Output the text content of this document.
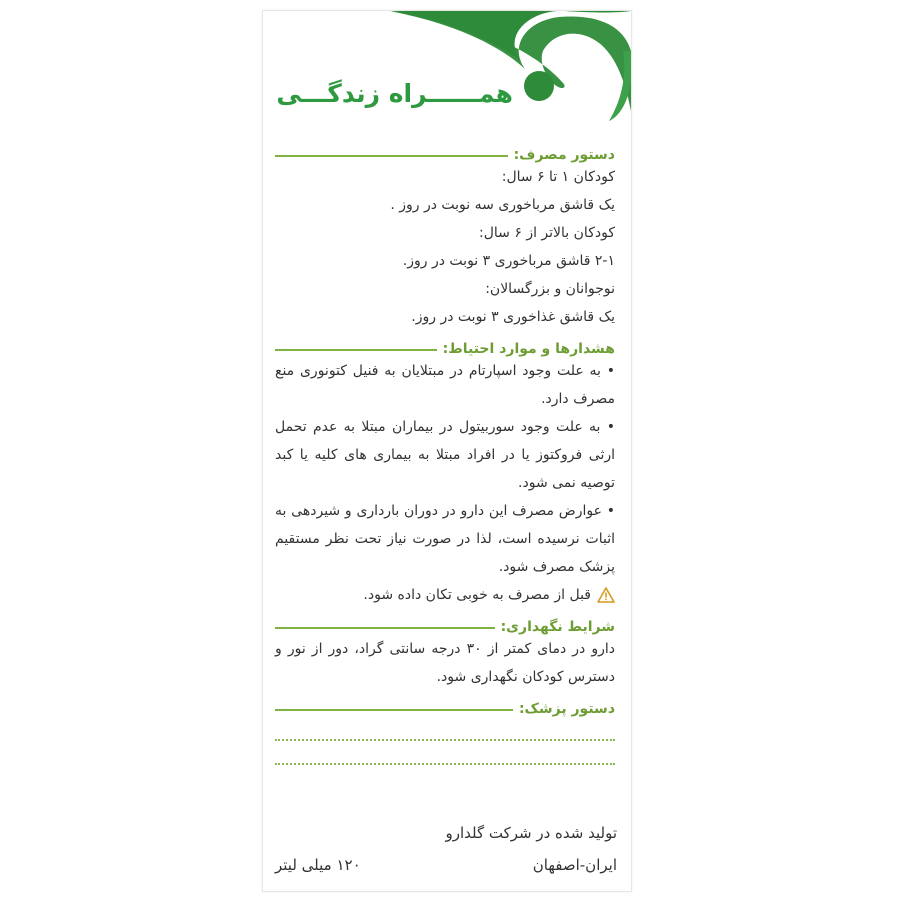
همــــــراه زندگـــی
دستور مصرف:
کودکان ۱ تا ۶ سال:
یک قاشق مرباخوری سه نوبت در روز .
کودکان بالاتر از ۶ سال:
۲-۱ قاشق مرباخوری ۳ نوبت در روز.
نوجوانان و بزرگسالان:
یک قاشق غذاخوری ۳ نوبت در روز.
هشدارها و موارد احتیاط:
• به علت وجود اسپارتام در مبتلایان به فنیل کتونوری منع مصرف دارد.
• به علت وجود سوربیتول در بیماران مبتلا به عدم تحمل ارثی فروکتوز یا در افراد مبتلا به بیماری های کلیه یا کبد توصیه نمی شود.
• عوارض مصرف این دارو در دوران بارداری و شیردهی به اثبات نرسیده است، لذا در صورت نیاز تحت نظر مستقیم پزشک مصرف شود.
قبل از مصرف به خوبی تکان داده شود.
شرایط نگهداری:
دارو در دمای کمتر از ۳۰ درجه سانتی گراد، دور از نور و دسترس کودکان نگهداری شود.
دستور پزشک:
تولید شده در شرکت گلدارو
ایران-اصفهان
۱۲۰ میلی لیتر
